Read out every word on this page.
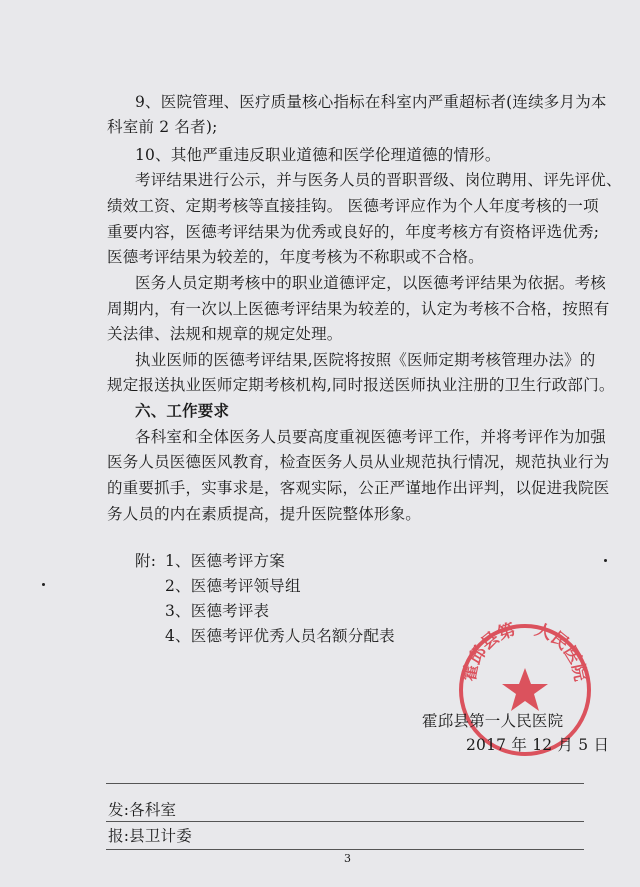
9、医院管理、医疗质量核心指标在科室内严重超标者(连续多月为本
科室前 2 名者);
10、其他严重违反职业道德和医学伦理道德的情形。
考评结果进行公示，并与医务人员的晋职晋级、岗位聘用、评先评优、
绩效工资、定期考核等直接挂钩。 医德考评应作为个人年度考核的一项
重要内容，医德考评结果为优秀或良好的，年度考核方有资格评选优秀;
医德考评结果为较差的，年度考核为不称职或不合格。
医务人员定期考核中的职业道德评定，以医德考评结果为依据。考核
周期内，有一次以上医德考评结果为较差的，认定为考核不合格，按照有
关法律、法规和规章的规定处理。
执业医师的医德考评结果,医院将按照《医师定期考核管理办法》的
规定报送执业医师定期考核机构,同时报送医师执业注册的卫生行政部门。
六、工作要求
各科室和全体医务人员要高度重视医德考评工作，并将考评作为加强
医务人员医德医风教育，检查医务人员从业规范执行情况，规范执业行为
的重要抓手，实事求是，客观实际，公正严谨地作出评判，以促进我院医
务人员的内在素质提高，提升医院整体形象。
附: 1、医德考评方案
2、医德考评领导组
3、医德考评表
4、医德考评优秀人员名额分配表
霍邱县第一人民医院
霍邱县第一人民医院
2017 年 12 月 5 日
发:各科室
报:县卫计委
3
